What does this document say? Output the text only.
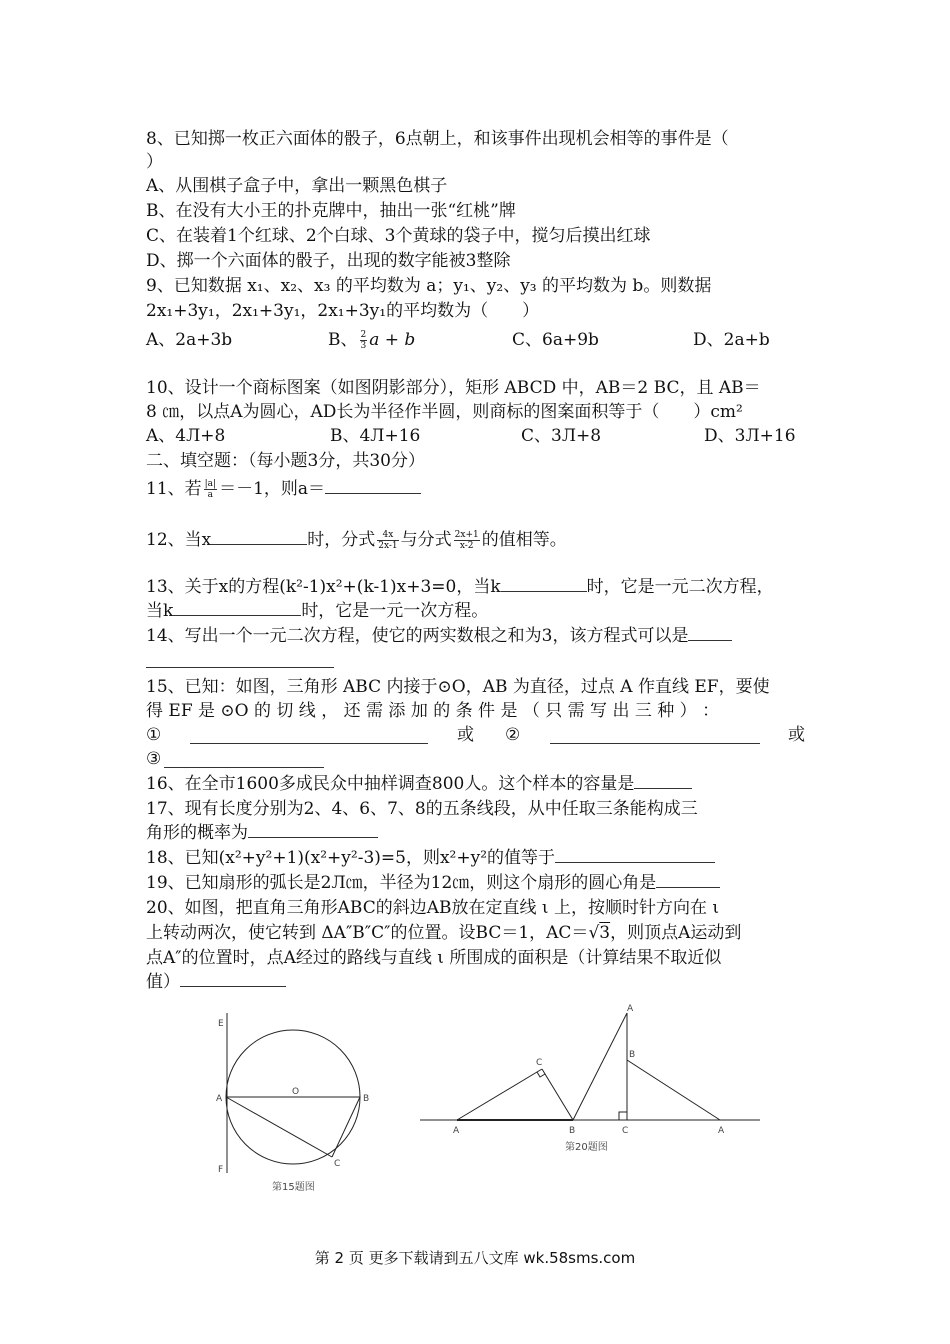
8、已知掷一枚正六面体的骰子，6点朝上，和该事件出现机会相等的事件是（
）
A、从围棋子盒子中，拿出一颗黑色棋子
B、在没有大小王的扑克牌中，抽出一张“红桃”牌
C、在装着1个红球、2个白球、3个黄球的袋子中，搅匀后摸出红球
D、掷一个六面体的骰子，出现的数字能被3整除
9、已知数据 x₁、x₂、x₃ 的平均数为 a；y₁、y₂、y₃ 的平均数为 b。则数据
2x₁+3y₁，2x₁+3y₁，2x₁+3y₁的平均数为（　　）
A、2a+3b	B、 $\frac{2}{3}$ a + b	C、6a+9b	D、2a+b
10、设计一个商标图案（如图阴影部分），矩形 ABCD 中，AB＝2 BC，且 AB＝
8 ㎝，以点A为圆心，AD长为半径作半圆，则商标的图案面积等于（　　）cm²
A、4Л+8	B、4Л+16	C、3Л+8	D、3Л+16
二、填空题：（每小题3分，共30分）
11、若 $\frac{|a|}{a} =-1$，则a＝
12、当x	时，分式 $\frac{4x}{2x-1}$ 与分式 $\frac{2x+1}{x-2}$ 的值相等。
13、关于x的方程(k²-1)x²+(k-1)x+3=0，当k	时，它是一元二次方程，
当k	时，它是一元一次方程。
14、写出一个一元二次方程，使它的两实数根之和为3，该方程式可以是
15、已知：如图，三角形 ABC 内接于⊙O，AB 为直径，过点 A 作直线 EF，要使
得 EF 是 ⊙O 的 切 线 ， 还 需 添 加 的 条 件 是 （ 只 需 写 出 三 种 ） ：
①	或 ②	或
③
16、在全市1600多成民众中抽样调查800人。这个样本的容量是
17、现有长度分别为2、4、6、7、8的五条线段，从中任取三条能构成三
角形的概率为
18、已知(x²+y²+1)(x²+y²-3)=5，则x²+y²的值等于
19、已知扇形的弧长是2Л㎝，半径为12㎝，则这个扇形的圆心角是
20、如图，把直角三角形ABC的斜边AB放在定直线 ι 上，按顺时针方向在 ι
上转动两次，使它转到 ΔA″B″C″的位置。设BC＝1，AC＝√3，则顶点A运动到
点A″的位置时，点A经过的路线与直线 ι 所围成的面积是（计算结果不取近似
值）
E
F
A	B
C
O
第15题图
A
C
B
A
B
C	A
第20题图
第 2 页 更多下载请到五八文库 wk.58sms.com
